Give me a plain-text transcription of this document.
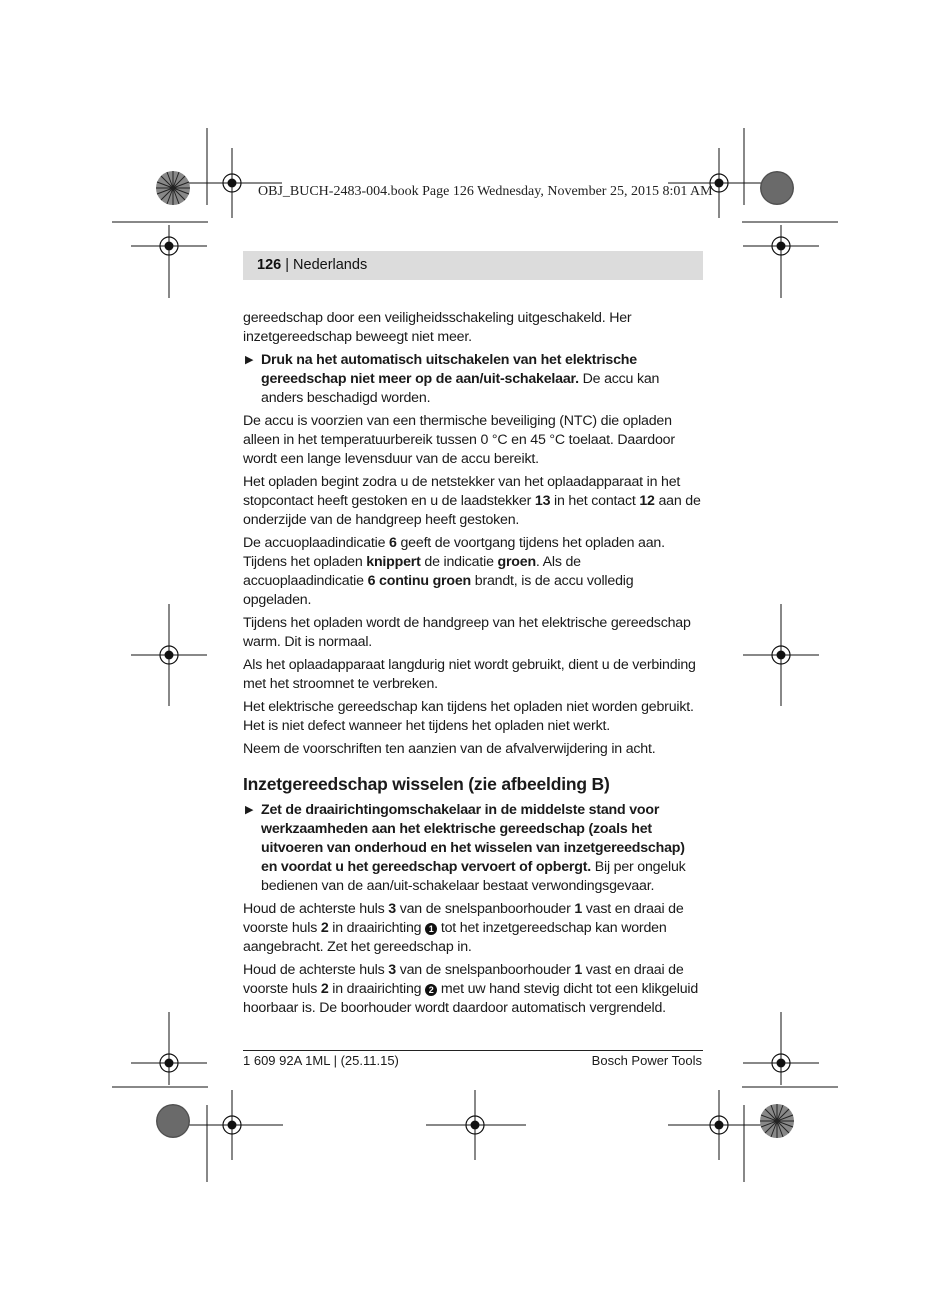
OBJ_BUCH-2483-004.book Page 126 Wednesday, November 25, 2015 8:01 AM
126 | Nederlands

gereedschap door een veiligheidsschakeling uitgeschakeld. Her inzetgereedschap beweegt niet meer.

▶ Druk na het automatisch uitschakelen van het elektrische gereedschap niet meer op de aan/uit-schakelaar. De accu kan anders beschadigd worden.

De accu is voorzien van een thermische beveiliging (NTC) die opladen alleen in het temperatuurbereik tussen 0 °C en 45 °C toelaat. Daardoor wordt een lange levensduur van de accu bereikt.

Het opladen begint zodra u de netstekker van het oplaadapparaat in het stopcontact heeft gestoken en u de laadstekker 13 in het contact 12 aan de onderzijde van de handgreep heeft gestoken.

De accuoplaadindicatie 6 geeft de voortgang tijdens het opladen aan. Tijdens het opladen knippert de indicatie groen. Als de accuoplaadindicatie 6 continu groen brandt, is de accu volledig opgeladen.

Tijdens het opladen wordt de handgreep van het elektrische gereedschap warm. Dit is normaal.

Als het oplaadapparaat langdurig niet wordt gebruikt, dient u de verbinding met het stroomnet te verbreken.

Het elektrische gereedschap kan tijdens het opladen niet worden gebruikt. Het is niet defect wanneer het tijdens het opladen niet werkt.

Neem de voorschriften ten aanzien van de afvalverwijdering in acht.

Inzetgereedschap wisselen (zie afbeelding B)
▶ Zet de draairichtingomschakelaar in de middelste stand voor werkzaamheden aan het elektrische gereedschap (zoals het uitvoeren van onderhoud en het wisselen van inzetgereedschap) en voordat u het gereedschap vervoert of opbergt. Bij per ongeluk bedienen van de aan/uit-schakelaar bestaat verwondingsgevaar.

Houd de achterste huls 3 van de snelspanboorhouder 1 vast en draai de voorste huls 2 in draairichting 1 tot het inzetgereedschap kan worden aangebracht. Zet het gereedschap in.

Houd de achterste huls 3 van de snelspanboorhouder 1 vast en draai de voorste huls 2 in draairichting 2 met uw hand stevig dicht tot een klikgeluid hoorbaar is. De boorhouder wordt daardoor automatisch vergrendeld.

1 609 92A 1ML | (25.11.15)	Bosch Power Tools
